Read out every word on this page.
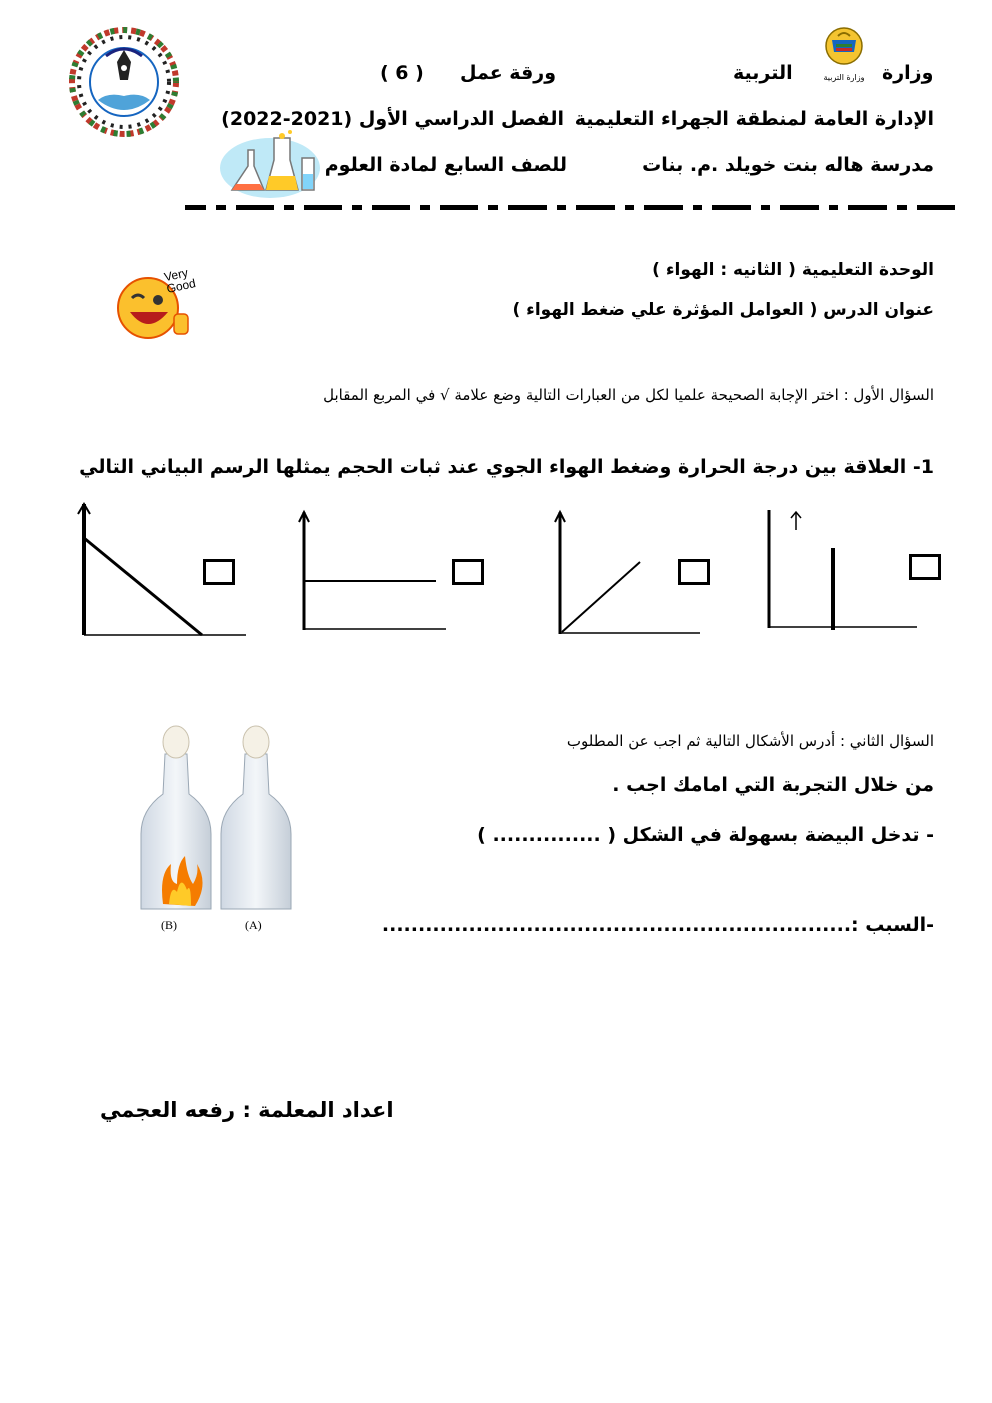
وزارة التربية وزارة
التربية
ورقة عمل
( 6 )
الإدارة العامة لمنطقة الجهراء التعليمية
الفصل الدراسي الأول (2021-2022)
مدرسة هاله بنت خويلد .م. بنات
للصف السابع لمادة العلوم
الوحدة التعليمية ( الثانيه : الهواء )
عنوان الدرس ( العوامل المؤثرة علي ضغط الهواء )
Very Good
السؤال الأول : اختر الإجابة الصحيحة علميا لكل من العبارات التالية وضع علامة √ في المربع المقابل
1- العلاقة بين درجة الحرارة وضغط الهواء الجوي عند ثبات الحجم يمثلها الرسم البياني التالي
السؤال الثاني : أدرس الأشكال التالية ثم اجب عن المطلوب
من خلال التجربة التي امامك اجب .
- تدخل البيضة بسهولة في الشكل ( ............... )
-السبب :.................................................................
(B)	(A)
اعداد المعلمة : رفعه العجمي
